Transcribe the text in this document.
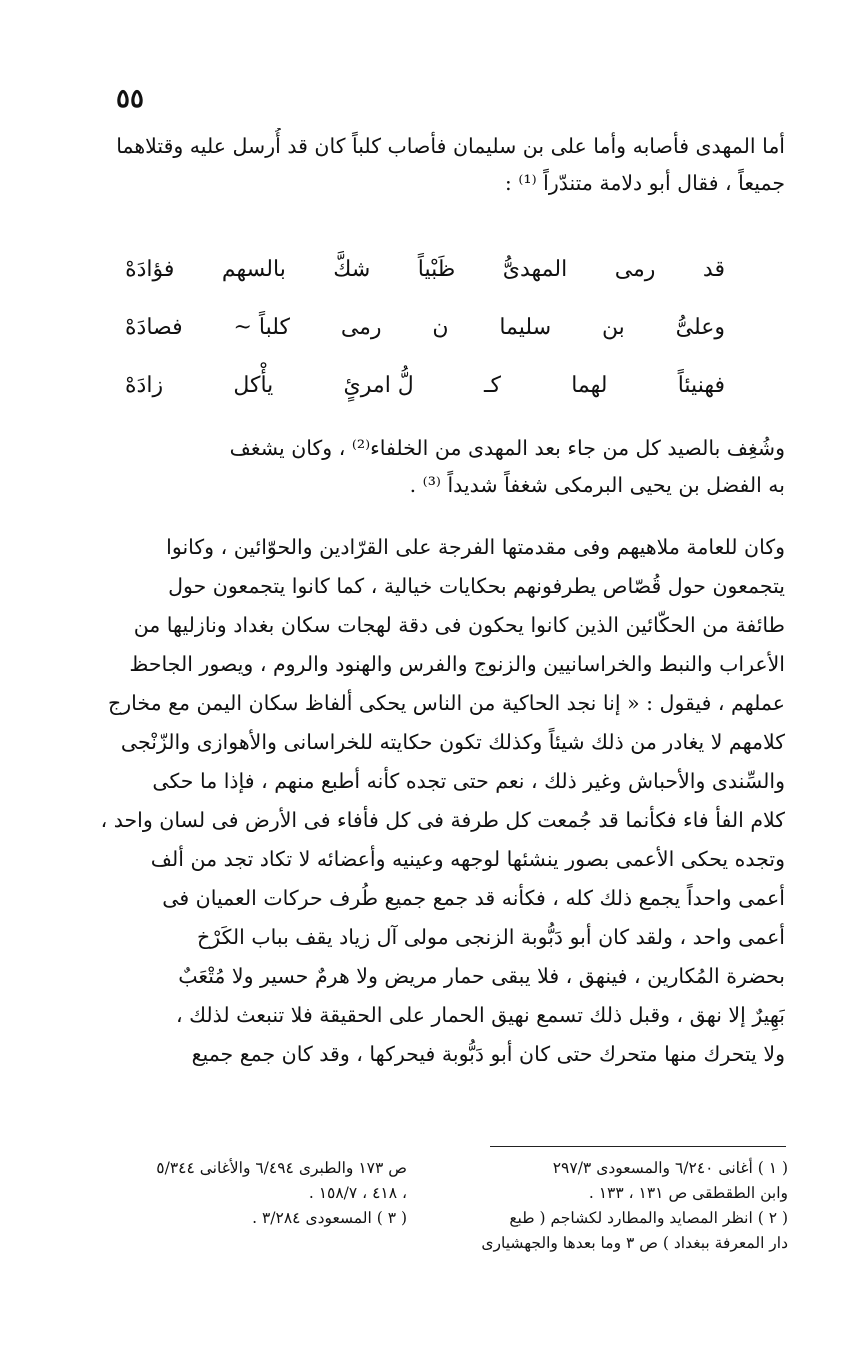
٥٥
أما المهدى فأصابه وأما على بن سليمان فأصاب كلباً كان قد أُرسل عليه وقتلاهما
جميعاً ، فقال أبو دلامة متندّراً ⁽¹⁾ :
قد
رمى
المهدىُّ
ظَبْياً
شكَّ
بالسهم
فؤادَهْ
وعلىُّ
بن
سليما
ن
رمى
كلباً ~
فصادَهْ
فهنيئاً
لهما
كـ
لُّ امرئٍ
يأْكل
زادَهْ
وشُغِف بالصيد كل من جاء بعد المهدى من الخلفاء⁽²⁾ ، وكان يشغف
به الفضل بن يحيى البرمكى شغفاً شديداً ⁽³⁾ .
وكان للعامة ملاهيهم وفى مقدمتها الفرجة على القرّادين والحوّائين ، وكانوا
يتجمعون حول قُصّاص يطرفونهم بحكايات خيالية ، كما كانوا يتجمعون حول
طائفة من الحكّائين الذين كانوا يحكون فى دقة لهجات سكان بغداد ونازليها من
الأعراب والنبط والخراسانيين والزنوج والفرس والهنود والروم ، ويصور الجاحظ
عملهم ، فيقول : « إنا نجد الحاكية من الناس يحكى ألفاظ سكان اليمن مع مخارج
كلامهم لا يغادر من ذلك شيئاً وكذلك تكون حكايته للخراسانى والأهوازى والزّنْجى
والسِّندى والأحباش وغير ذلك ، نعم حتى تجده كأنه أطبع منهم ، فإذا ما حكى
كلام الفأ فاء فكأنما قد جُمعت كل طرفة فى كل فأفاء فى الأرض فى لسان واحد ،
وتجده يحكى الأعمى بصور ينشئها لوجهه وعينيه وأعضائه لا تكاد تجد من ألف
أعمى واحداً يجمع ذلك كله ، فكأنه قد جمع جميع طُرف حركات العميان فى
أعمى واحد ، ولقد كان أبو دَبُّوبة الزنجى مولى آل زياد يقف بباب الكَرْخ
بحضرة المُكارين ، فينهق ، فلا يبقى حمار مريض ولا هرمٌ حسير ولا مُتْعَبٌ
بَهِيرٌ إلا نهق ، وقبل ذلك تسمع نهيق الحمار على الحقيقة فلا تنبعث لذلك ،
ولا يتحرك منها متحرك حتى كان أبو دَبُّوبة فيحركها ، وقد كان جمع جميع
( ١ ) أغانى ٦/٢٤٠ والمسعودى ٢٩٧/٣
وابن الطقطقى ص ١٣١ ، ١٣٣ .
( ٢ ) انظر المصايد والمطارد لكشاجم ( طبع
دار المعرفة ببغداد ) ص ٣ وما بعدها والجهشيارى
ص ١٧٣ والطبرى ٦/٤٩٤ والأغانى ٥/٣٤٤
، ٤١٨ ، ١٥٨/٧ .
( ٣ ) المسعودى ٣/٢٨٤ .
